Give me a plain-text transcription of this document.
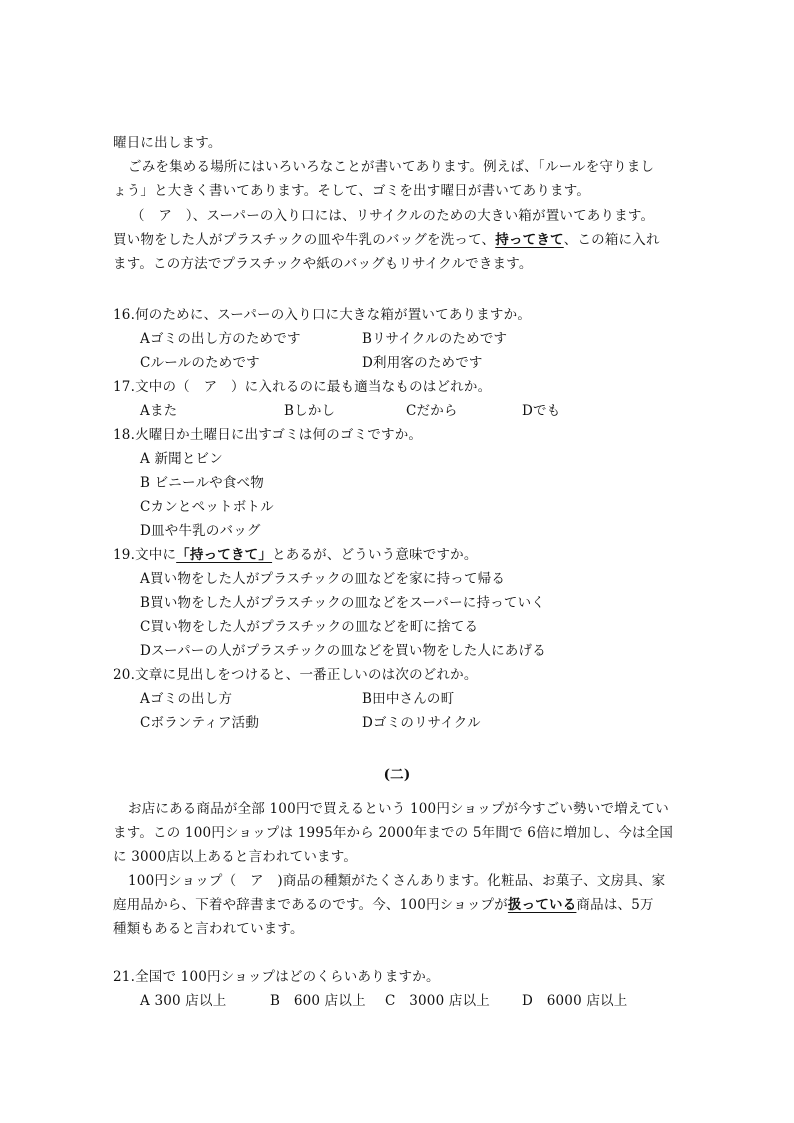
曜日に出します。
ごみを集める場所にはいろいろなことが書いてあります。例えば、「ルールを守りまし
ょう」と大きく書いてあります。そして、ゴミを出す曜日が書いてあります。
（　ア　）、スーパーの入り口には、リサイクルのための大きい箱が置いてあります。
買い物をした人がプラスチックの皿や牛乳のバッグを洗って、持ってきて、この箱に入れ
ます。この方法でプラスチックや紙のバッグもリサイクルできます。
16.何のために、スーパーの入り口に大きな箱が置いてありますか。
Aゴミの出し方のためです	Bリサイクルのためです
Cルールのためです	D利用客のためです
17.文中の（　ア　）に入れるのに最も適当なものはどれか。
Aまた	Bしかし	Cだから	Dでも
18.火曜日か土曜日に出すゴミは何のゴミですか。
A 新聞とビン
B ビニールや食べ物
Cカンとペットボトル
D皿や牛乳のバッグ
19.文中に「持ってきて」とあるが、どういう意味ですか。
A買い物をした人がプラスチックの皿などを家に持って帰る
B買い物をした人がプラスチックの皿などをスーパーに持っていく
C買い物をした人がプラスチックの皿などを町に捨てる
Dスーパーの人がプラスチックの皿などを買い物をした人にあげる
20.文章に見出しをつけると、一番正しいのは次のどれか。
Aゴミの出し方	B田中さんの町
Cボランティア活動	Dゴミのリサイクル
(二)
お店にある商品が全部 100円で買えるという 100円ショップが今すごい勢いで増えてい
ます。この 100円ショップは 1995年から 2000年までの 5年間で 6倍に増加し、今は全国
に 3000店以上あると言われています。
100円ショップ（　ア　)商品の種類がたくさんあります。化粧品、お菓子、文房具、家
庭用品から、下着や辞書まであるのです。今、100円ショップが扱っている商品は、5万
種類もあると言われています。
21.全国で 100円ショップはどのくらいありますか。
A 300 店以上	B　600 店以上 C　3000 店以上 D　6000 店以上
